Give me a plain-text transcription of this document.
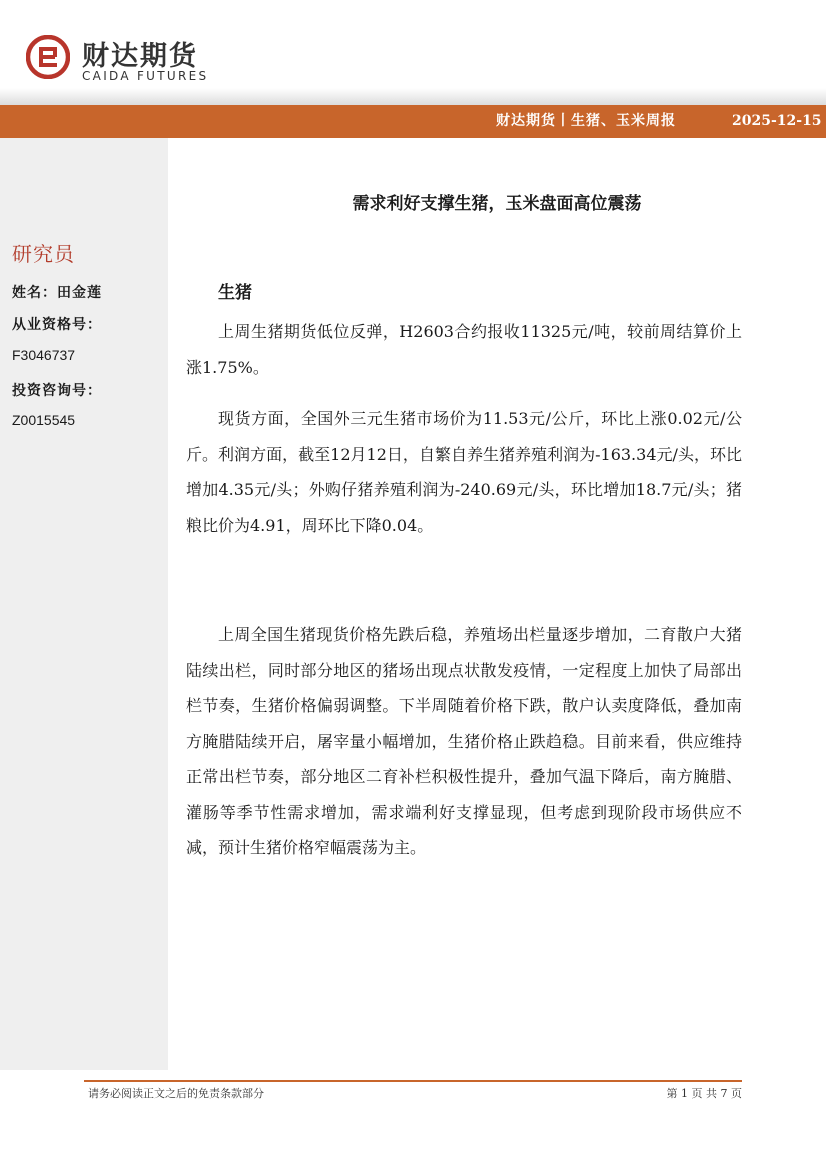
财达期货
CAIDA FUTURES
财达期货丨生猪、玉米周报	2025-12-15
研究员
姓名：田金莲
从业资格号：
F3046737
投资咨询号：
Z0015545
需求利好支撑生猪，玉米盘面高位震荡
生猪

上周生猪期货低位反弹，H2603合约报收11325元/吨，较前周结算价上涨1.75%。

现货方面，全国外三元生猪市场价为11.53元/公斤，环比上涨0.02元/公斤。利润方面，截至12月12日，自繁自养生猪养殖利润为-163.34元/头，环比增加4.35元/头；外购仔猪养殖利润为-240.69元/头，环比增加18.7元/头；猪粮比价为4.91，周环比下降0.04。

上周全国生猪现货价格先跌后稳，养殖场出栏量逐步增加，二育散户大猪陆续出栏，同时部分地区的猪场出现点状散发疫情，一定程度上加快了局部出栏节奏，生猪价格偏弱调整。下半周随着价格下跌，散户认卖度降低，叠加南方腌腊陆续开启，屠宰量小幅增加，生猪价格止跌趋稳。目前来看，供应维持正常出栏节奏，部分地区二育补栏积极性提升，叠加气温下降后，南方腌腊、灌肠等季节性需求增加，需求端利好支撑显现，但考虑到现阶段市场供应不减，预计生猪价格窄幅震荡为主。

请务必阅读正文之后的免责条款部分	第 1 页 共 7 页
